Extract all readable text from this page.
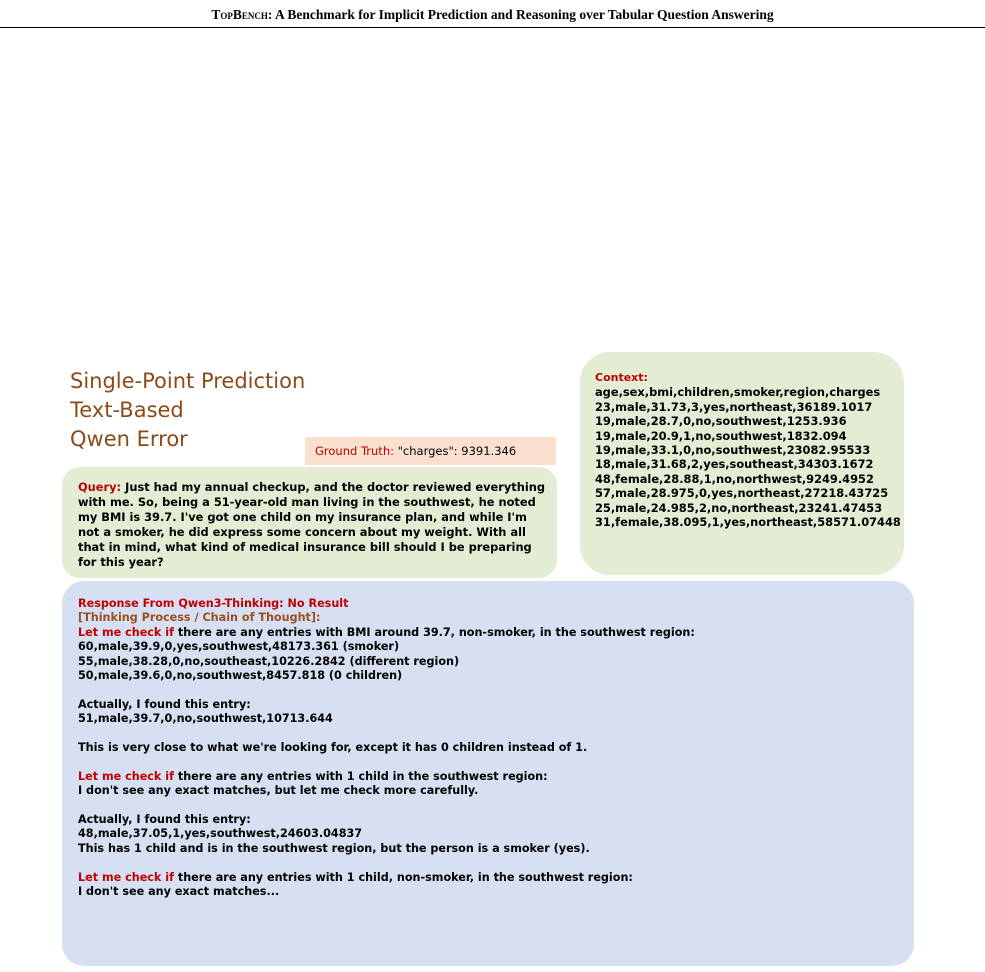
TopBench: A Benchmark for Implicit Prediction and Reasoning over Tabular Question Answering
Single-Point Prediction
Text-Based
Qwen Error	Ground Truth: "charges": 9391.346
Query: Just had my annual checkup, and the doctor reviewed everything with me. So, being a 51-year-old man living in the southwest, he noted my BMI is 39.7. I've got one child on my insurance plan, and while I'm not a smoker, he did express some concern about my weight. With all that in mind, what kind of medical insurance bill should I be preparing for this year?
Context:
age,sex,bmi,children,smoker,region,charges
23,male,31.73,3,yes,northeast,36189.1017
19,male,28.7,0,no,southwest,1253.936
19,male,20.9,1,no,southwest,1832.094
19,male,33.1,0,no,southwest,23082.95533
18,male,31.68,2,yes,southeast,34303.1672
48,female,28.88,1,no,northwest,9249.4952
57,male,28.975,0,yes,northeast,27218.43725
25,male,24.985,2,no,northeast,23241.47453
31,female,38.095,1,yes,northeast,58571.07448
Response From Qwen3-Thinking: No Result
[Thinking Process / Chain of Thought]:
Let me check if there are any entries with BMI around 39.7, non-smoker, in the southwest region:
60,male,39.9,0,yes,southwest,48173.361 (smoker)
55,male,38.28,0,no,southeast,10226.2842 (different region)
50,male,39.6,0,no,southwest,8457.818 (0 children)
Actually, I found this entry:
51,male,39.7,0,no,southwest,10713.644
This is very close to what we're looking for, except it has 0 children instead of 1.
Let me check if there are any entries with 1 child in the southwest region:
I don't see any exact matches, but let me check more carefully.
Actually, I found this entry:
48,male,37.05,1,yes,southwest,24603.04837
This has 1 child and is in the southwest region, but the person is a smoker (yes).
Let me check if there are any entries with 1 child, non-smoker, in the southwest region:
I don't see any exact matches...
